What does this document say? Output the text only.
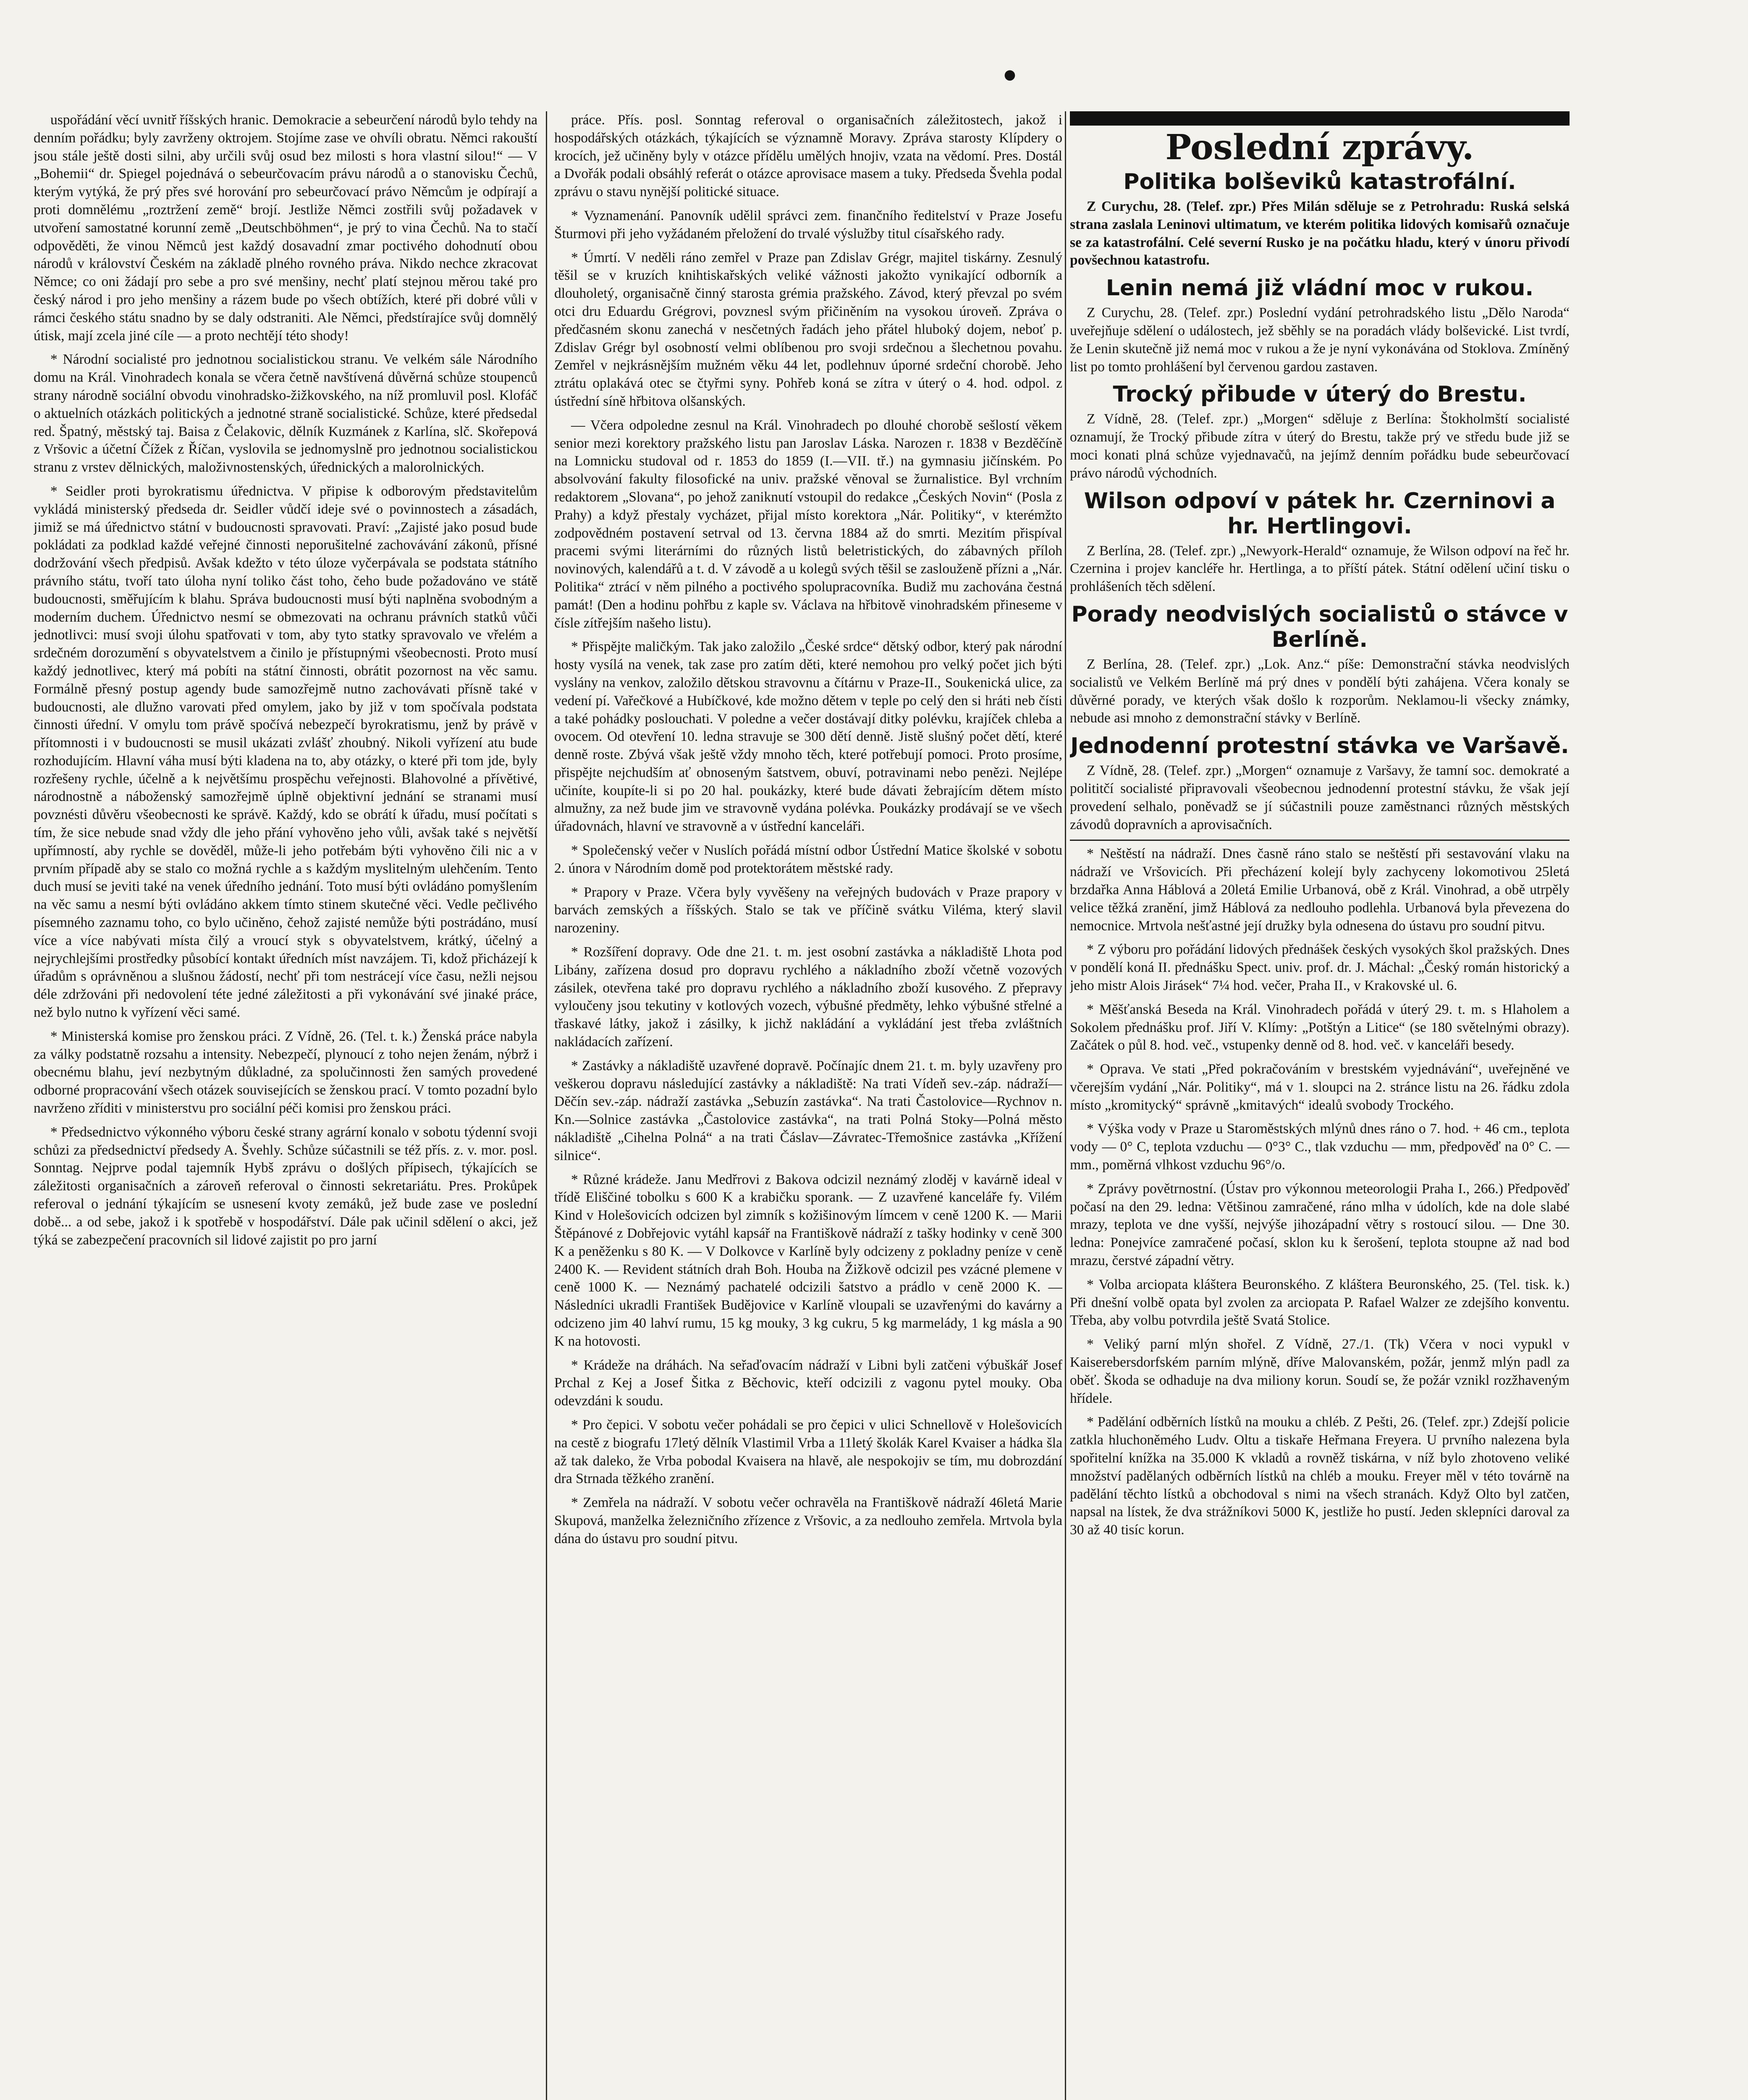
•

uspořádání věcí uvnitř říšských hranic. Demokracie a sebeurčení národů bylo tehdy na denním pořádku; byly zavrženy oktrojem. Stojíme zase ve ohvíli obratu. Němci rakouští jsou stále ještě dosti silni, aby určili svůj osud bez milosti s hora vlastní silou!“ — V „Bohemii“ dr. Spiegel pojednává o sebeurčovacím právu národů a o stanovisku Čechů, kterým vytýká, že prý přes své horování pro sebeurčovací právo Němcům je odpírají a proti domnělému „roztržení země“ brojí. Jestliže Němci zostřili svůj požadavek v utvoření samostatné korunní země „Deutschböhmen“, je prý to vina Čechů. Na to stačí odpověděti, že vinou Němců jest každý dosavadní zmar poctivého dohodnutí obou národů v království Českém na základě plného rovného práva. Nikdo nechce zkracovat Němce; co oni žádají pro sebe a pro své menšiny, nechť platí stejnou měrou také pro český národ i pro jeho menšiny a rázem bude po všech obtížích, které při dobré vůli v rámci českého státu snadno by se daly odstraniti. Ale Němci, předstírajíce svůj domnělý útisk, mají zcela jiné cíle — a proto nechtějí této shody!

* Národní socialisté pro jednotnou socialistickou stranu. Ve velkém sále Národního domu na Král. Vinohradech konala se včera četně navštívená důvěrná schůze stoupenců strany národně sociální obvodu vinohradsko-žižkovského, na níž promluvil posl. Klofáč o aktuelních otázkách politických a jednotné straně socialistické. Schůze, které předsedal red. Špatný, městský taj. Baisa z Čelakovic, dělník Kuzmánek z Karlína, slč. Skořepová z Vršovic a účetní Čížek z Říčan, vyslovila se jednomyslně pro jednotnou socialistickou stranu z vrstev dělnických, maloživnostenských, úřednických a malorolnických.

* Seidler proti byrokratismu úřednictva. V připise k odborovým představitelům vykládá ministerský předseda dr. Seidler vůdčí ideje své o povinnostech a zásadách, jimiž se má úřednictvo státní v budoucnosti spravovati. Praví: „Zajisté jako posud bude pokládati za podklad každé veřejné činnosti neporušitelné zachovávání zákonů, přísné dodržování všech předpisů. Avšak kdežto v této úloze vyčerpávala se podstata státního právního státu, tvoří tato úloha nyní toliko část toho, čeho bude požadováno ve státě budoucnosti, směřujícím k blahu. Správa budoucnosti musí býti naplněna svobodným a moderním duchem. Úřednictvo nesmí se obmezovati na ochranu právních statků vůči jednotlivci: musí svoji úlohu spatřovati v tom, aby tyto statky spravovalo ve vřelém a srdečném dorozumění s obyvatelstvem a činilo je přístupnými všeobecnosti. Proto musí každý jednotlivec, který má pobíti na státní činnosti, obrátit pozornost na věc samu. Formálně přesný postup agendy bude samozřejmě nutno zachovávati přísně také v budoucnosti, ale dlužno varovati před omylem, jako by již v tom spočívala podstata činnosti úřední. V omylu tom právě spočívá nebezpečí byrokratismu, jenž by právě v přítomnosti i v budoucnosti se musil ukázati zvlášť zhoubný. Nikoli vyřízení atu bude rozhodujícím. Hlavní váha musí býti kladena na to, aby otázky, o které při tom jde, byly rozřešeny rychle, účelně a k největšímu prospěchu veřejnosti. Blahovolné a přívětivé, národnostně a náboženský samozřejmě úplně objektivní jednání se stranami musí povznésti důvěru všeobecnosti ke správě. Každý, kdo se obrátí k úřadu, musí počítati s tím, že sice nebude snad vždy dle jeho přání vyhověno jeho vůli, avšak také s největší upřímností, aby rychle se dověděl, může-li jeho potřebám býti vyhověno čili nic a v prvním případě aby se stalo co možná rychle a s každým myslitelným ulehčením. Tento duch musí se jeviti také na venek úředního jednání. Toto musí býti ovládáno pomyšlením na věc samu a nesmí býti ovládáno akkem tímto stinem skutečné věci. Vedle pečlivého písemného zaznamu toho, co bylo učiněno, čehož zajisté nemůže býti postrádáno, musí více a více nabývati místa čilý a vroucí styk s obyvatelstvem, krátký, účelný a nejrychlejšími prostředky působící kontakt úředních míst navzájem. Ti, kdož přicházejí k úřadům s oprávněnou a slušnou žádostí, nechť při tom nestrácejí více času, nežli nejsou déle zdržováni při nedovolení téte jedné záležitosti a při vykonávání své jinaké práce, než bylo nutno k vyřízení věci samé.

* Ministerská komise pro ženskou práci. Z Vídně, 26. (Tel. t. k.) Ženská práce nabyla za války podstatně rozsahu a intensity. Nebezpečí, plynoucí z toho nejen ženám, nýbrž i obecnému blahu, jeví nezbytným důkladné, za spolučinnosti žen samých provedené odborné propracování všech otázek souvisejících se ženskou prací. V tomto pozadní bylo navrženo zříditi v ministerstvu pro sociální péči komisi pro ženskou práci.

* Předsednictvo výkonného výboru české strany agrární konalo v sobotu týdenní svoji schůzi za předsednictví předsedy A. Švehly. Schůze súčastnili se též přís. z. v. mor. posl. Sonntag. Nejprve podal tajemník Hybš zprávu o došlých přípisech, týkajících se záležitosti organisačních a zároveň referoval o činnosti sekretariátu. Pres. Prokůpek referoval o jednání týkajícím se usnesení kvoty zemáků, jež bude zase ve poslední době... a od sebe, jakož i k spotřebě v hospodářství. Dále pak učinil sdělení o akci, jež týká se zabezpečení pracovních sil lidové zajistit po pro jarní

práce. Přís. posl. Sonntag referoval o organisačních záležitostech, jakož i hospodářských otázkách, týkajících se významně Moravy. Zpráva starosty Klípdery o krocích, jež učiněny byly v otázce přídělu umělých hnojiv, vzata na vědomí. Pres. Dostál a Dvořák podali obsáhlý referát o otázce aprovisace masem a tuky. Předseda Švehla podal zprávu o stavu nynější politické situace.

* Vyznamenání. Panovník udělil správci zem. finančního ředitelství v Praze Josefu Šturmovi při jeho vyžádaném přeložení do trvalé výslužby titul císařského rady.

* Úmrtí. V neděli ráno zemřel v Praze pan Zdislav Grégr, majitel tiskárny. Zesnulý těšil se v kruzích knihtiskařských veliké vážnosti jakožto vynikající odborník a dlouholetý, organisačně činný starosta grémia pražského. Závod, který převzal po svém otci dru Eduardu Grégrovi, povznesl svým přičiněním na vysokou úroveň. Zpráva o předčasném skonu zanechá v nesčetných řadách jeho přátel hluboký dojem, neboť p. Zdislav Grégr byl osobností velmi oblíbenou pro svoji srdečnou a šlechetnou povahu. Zemřel v nejkrásnějším mužném věku 44 let, podlehnuv úporné srdeční chorobě. Jeho ztrátu oplakává otec se čtyřmi syny. Pohřeb koná se zítra v úterý o 4. hod. odpol. z ústřední síně hřbitova olšanských.

— Včera odpoledne zesnul na Král. Vinohradech po dlouhé chorobě sešlostí věkem senior mezi korektory pražského listu pan Jaroslav Láska. Narozen r. 1838 v Bezděčíně na Lomnicku studoval od r. 1853 do 1859 (I.—VII. tř.) na gymnasiu jičínském. Po absolvování fakulty filosofické na univ. pražské věnoval se žurnalistice. Byl vrchním redaktorem „Slovana“, po jehož zaniknutí vstoupil do redakce „Českých Novin“ (Posla z Prahy) a když přestaly vycházet, přijal místo korektora „Nár. Politiky“, v kterémžto zodpovědném postavení setrval od 13. června 1884 až do smrti. Mezitím přispíval pracemi svými literárními do různých listů beletristických, do zábavných příloh novinových, kalendářů a t. d. V závodě a u kolegů svých těšil se zaslouženě přízni a „Nár. Politika“ ztrácí v něm pilného a poctivého spolupracovníka. Budiž mu zachována čestná památ! (Den a hodinu pohřbu z kaple sv. Václava na hřbitově vinohradském přineseme v čísle zítřejším našeho listu).

* Přispějte maličkým. Tak jako založilo „České srdce“ dětský odbor, který pak národní hosty vysílá na venek, tak zase pro zatím děti, které nemohou pro velký počet jich býti vyslány na venkov, založilo dětskou stravovnu a čítárnu v Praze-II., Soukenická ulice, za vedení pí. Vařečkové a Hubíčkové, kde možno dětem v teple po celý den si hráti neb čísti a také pohádky poslouchati. V poledne a večer dostávají ditky polévku, krajíček chleba a ovocem. Od otevření 10. ledna stravuje se 300 dětí denně. Jistě slušný počet dětí, které denně roste. Zbývá však ještě vždy mnoho těch, které potřebují pomoci. Proto prosíme, přispějte nejchudším ať obnoseným šatstvem, obuví, potravinami nebo penězi. Nejlépe učiníte, koupíte-li si po 20 hal. poukázky, které bude dávati žebrajícím dětem místo almužny, za než bude jim ve stravovně vydána polévka. Poukázky prodávají se ve všech úřadovnách, hlavní ve stravovně a v ústřední kanceláři.

* Společenský večer v Nuslích pořádá místní odbor Ústřední Matice školské v sobotu 2. února v Národním domě pod protektorátem městské rady.

* Prapory v Praze. Včera byly vyvěšeny na veřejných budovách v Praze prapory v barvách zemských a říšských. Stalo se tak ve příčině svátku Viléma, který slavil narozeniny.

* Rozšíření dopravy. Ode dne 21. t. m. jest osobní zastávka a nákladiště Lhota pod Libány, zařízena dosud pro dopravu rychlého a nákladního zboží včetně vozových zásilek, otevřena také pro dopravu rychlého a nákladního zboží kusového. Z přepravy vyloučeny jsou tekutiny v kotlových vozech, výbušné předměty, lehko výbušné střelné a třaskavé látky, jakož i zásilky, k jichž nakládání a vykládání jest třeba zvláštních nakládacích zařízení.

* Zastávky a nákladiště uzavřené dopravě. Počínajíc dnem 21. t. m. byly uzavřeny pro veškerou dopravu následující zastávky a nákladiště: Na trati Vídeň sev.-záp. nádraží—Děčín sev.-záp. nádraží zastávka „Sebuzín zastávka“. Na trati Častolovice—Rychnov n. Kn.—Solnice zastávka „Častolovice zastávka“, na trati Polná Stoky—Polná město nákladiště „Cihelna Polná“ a na trati Čáslav—Závratec-Třemošnice zastávka „Křížení silnice“.

* Různé krádeže. Janu Medřrovi z Bakova odcizil neznámý zloděj v kavárně ideal v třídě Eliščiné tobolku s 600 K a krabičku sporank. — Z uzavřené kanceláře fy. Vilém Kind v Holešovicích odcizen byl zimník s kožišinovým límcem v ceně 1200 K. — Marii Štěpánové z Dobřejovic vytáhl kapsář na Františkově nádraží z tašky hodinky v ceně 300 K a peněženku s 80 K. — V Dolkovce v Karlíně byly odcizeny z pokladny peníze v ceně 2400 K. — Revident státních drah Boh. Houba na Žižkově odcizil pes vzácné plemene v ceně 1000 K. — Neznámý pachatelé odcizili šatstvo a prádlo v ceně 2000 K. — Následníci ukradli František Budějovice v Karlíně vloupali se uzavřenými do kavárny a odcizeno jim 40 lahví rumu, 15 kg mouky, 3 kg cukru, 5 kg marmelády, 1 kg másla a 90 K na hotovosti.

* Krádeže na dráhách. Na seřaďovacím nádraží v Libni byli zatčeni výbuškář Josef Prchal z Kej a Josef Šitka z Běchovic, kteří odcizili z vagonu pytel mouky. Oba odevzdáni k soudu.

* Pro čepici. V sobotu večer pohádali se pro čepici v ulici Schnellově v Holešovicích na cestě z biografu 17letý dělník Vlastimil Vrba a 11letý školák Karel Kvaiser a hádka šla až tak daleko, že Vrba pobodal Kvaisera na hlavě, ale nespokojiv se tím, mu dobrozdání dra Strnada těžkého zranění.

* Zemřela na nádraží. V sobotu večer ochravěla na Františkově nádraží 46letá Marie Skupová, manželka železničního zřízence z Vršovic, a za nedlouho zemřela. Mrtvola byla dána do ústavu pro soudní pitvu.

Poslední zprávy.
Politika bolševiků katastrofální.

Z Curychu, 28. (Telef. zpr.) Přes Milán sděluje se z Petrohradu: Ruská selská strana zaslala Leninovi ultimatum, ve kterém politika lidových komisařů označuje se za katastrofální. Celé severní Rusko je na počátku hladu, který v únoru přivodí povšechnou katastrofu.

Lenin nemá již vládní moc v rukou.

Z Curychu, 28. (Telef. zpr.) Poslední vydání petrohradského listu „Dělo Naroda“ uveřejňuje sdělení o událostech, jež sběhly se na poradách vlády bolševické. List tvrdí, že Lenin skutečně již nemá moc v rukou a že je nyní vykonávána od Stoklova. Zmíněný list po tomto prohlášení byl červenou gardou zastaven.

Trocký přibude v úterý do Brestu.

Z Vídně, 28. (Telef. zpr.) „Morgen“ sděluje z Berlína: Štokholmští socialisté oznamují, že Trocký přibude zítra v úterý do Brestu, takže prý ve středu bude již se moci konati plná schůze vyjednavačů, na jejímž denním pořádku bude sebeurčovací právo národů východních.

Wilson odpoví v pátek hr. Czerninovi a hr. Hertlingovi.

Z Berlína, 28. (Telef. zpr.) „Newyork-Herald“ oznamuje, že Wilson odpoví na řeč hr. Czernina i projev kancléře hr. Hertlinga, a to příští pátek. Státní odělení učiní tisku o prohlášeních těch sdělení.

Porady neodvislých socialistů o stávce v Berlíně.

Z Berlína, 28. (Telef. zpr.) „Lok. Anz.“ píše: Demonstrační stávka neodvislých socialistů ve Velkém Berlíně má prý dnes v pondělí býti zahájena. Včera konaly se důvěrné porady, ve kterých však došlo k rozporům. Neklamou-li všecky známky, nebude asi mnoho z demonstrační stávky v Berlíně.

Jednodenní protestní stávka ve Varšavě.

Z Vídně, 28. (Telef. zpr.) „Morgen“ oznamuje z Varšavy, že tamní soc. demokraté a polititčí socialisté připravovali všeobecnou jednodenní protestní stávku, že však její provedení selhalo, poněvadž se jí súčastnili pouze zaměstnanci různých městských závodů dopravních a aprovisačních.

* Neštěstí na nádraží. Dnes časně ráno stalo se neštěstí při sestavování vlaku na nádraží ve Vršovicích. Při přecházení kolejí byly zachyceny lokomotivou 25letá brzdařka Anna Háblová a 20letá Emilie Urbanová, obě z Král. Vinohrad, a obě utrpěly velice těžká zranění, jimž Háblová za nedlouho podlehla. Urbanová byla převezena do nemocnice. Mrtvola nešťastné její družky byla odnesena do ústavu pro soudní pitvu.

* Z výboru pro pořádání lidových přednášek českých vysokých škol pražských. Dnes v pondělí koná II. přednášku Spect. univ. prof. dr. J. Máchal: „Český román historický a jeho mistr Alois Jirásek“ 7¼ hod. večer, Praha II., v Krakovské ul. 6.

* Měšťanská Beseda na Král. Vinohradech pořádá v úterý 29. t. m. s Hlaholem a Sokolem přednášku prof. Jiří V. Klímy: „Potštýn a Litice“ (se 180 světelnými obrazy). Začátek o půl 8. hod. več., vstupenky denně od 8. hod. več. v kanceláři besedy.

* Oprava. Ve stati „Před pokračováním v brestském vyjednávání“, uveřejněné ve včerejším vydání „Nár. Politiky“, má v 1. sloupci na 2. stránce listu na 26. řádku zdola místo „kromitycký“ správně „kmitavých“ idealů svobody Trockého.

* Výška vody v Praze u Staroměstských mlýnů dnes ráno o 7. hod. + 46 cm., teplota vody — 0° C, teplota vzduchu — 0°3° C., tlak vzduchu — mm, předpověď na 0° C. — mm., poměrná vlhkost vzduchu 96°/o.

* Zprávy povětrnostní. (Ústav pro výkonnou meteorologii Praha I., 266.) Předpověď počasí na den 29. ledna: Většinou zamračené, ráno mlha v údolích, kde na dole slabé mrazy, teplota ve dne vyšší, nejvýše jihozápadní větry s rostoucí silou. — Dne 30. ledna: Ponejvíce zamračené počasí, sklon ku k šerošení, teplota stoupne až nad bod mrazu, čerstvé západní větry.

* Volba arciopata kláštera Beuronského. Z kláštera Beuronského, 25. (Tel. tisk. k.) Při dnešní volbě opata byl zvolen za arciopata P. Rafael Walzer ze zdejšího konventu. Třeba, aby volbu potvrdila ještě Svatá Stolice.

* Veliký parní mlýn shořel. Z Vídně, 27./1. (Tk) Včera v noci vypukl v Kaiserebersdorfském parním mlýně, dříve Malovanském, požár, jenmž mlýn padl za oběť. Škoda se odhaduje na dva miliony korun. Soudí se, že požár vznikl rozžhaveným hřídele.

* Padělání odběrních lístků na mouku a chléb. Z Pešti, 26. (Telef. zpr.) Zdejší policie zatkla hluchoněmého Ludv. Oltu a tiskaře Heřmana Freyera. U prvního nalezena byla spořitelní knížka na 35.000 K vkladů a rovněž tiskárna, v níž bylo zhotoveno veliké množství padělaných odběrních lístků na chléb a mouku. Freyer měl v této továrně na padělání těchto lístků a obchodoval s nimi na všech stranách. Když Olto byl zatčen, napsal na lístek, že dva strážníkovi 5000 K, jestliže ho pustí. Jeden sklepníci daroval za 30 až 40 tisíc korun.
